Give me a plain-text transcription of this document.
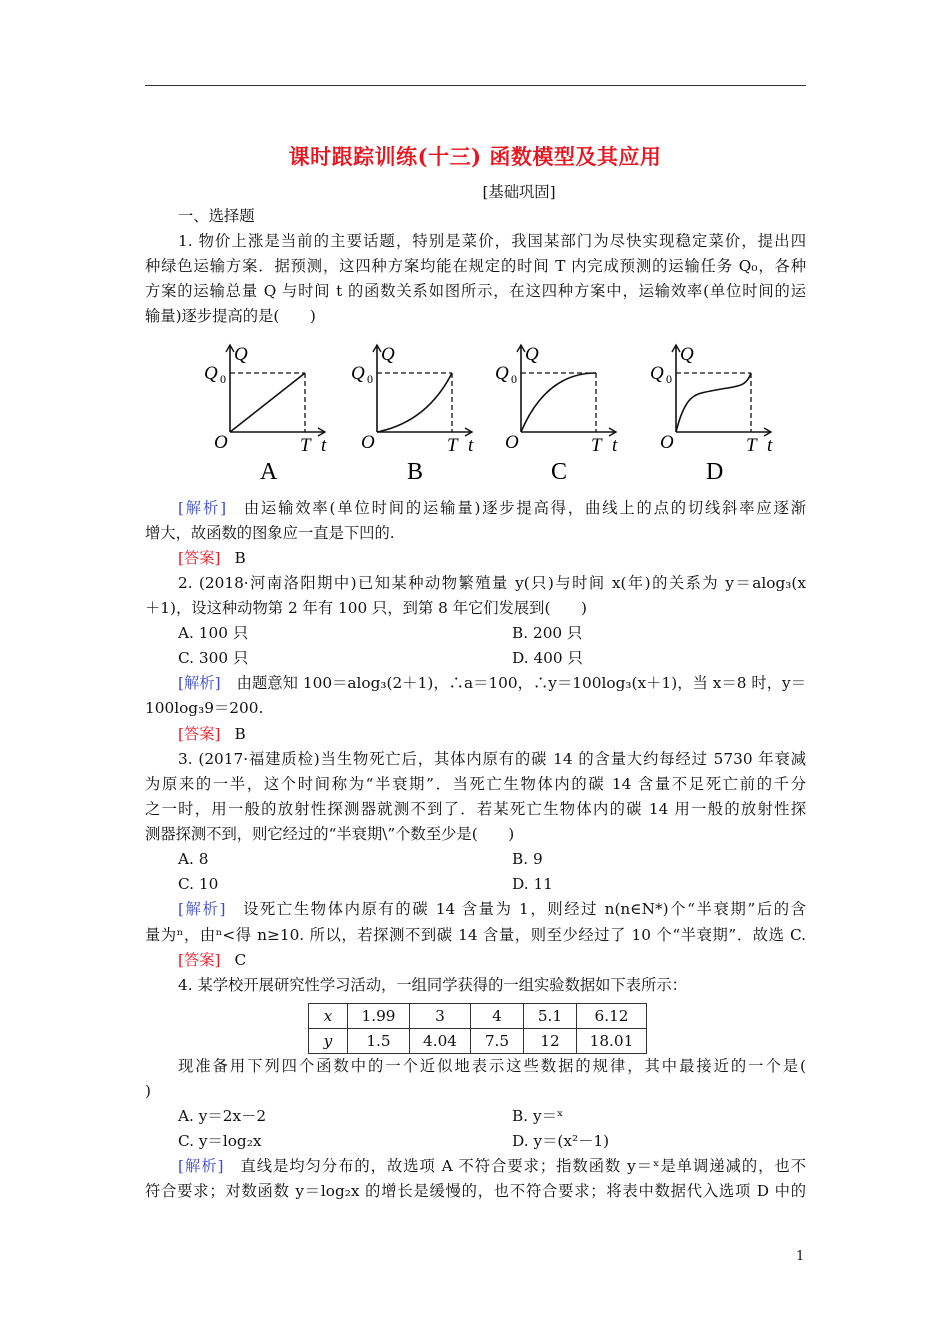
课时跟踪训练(十三) 函数模型及其应用
[基础巩固]
一、选择题
1. 物价上涨是当前的主要话题，特别是菜价，我国某部门为尽快实现稳定菜价，提出四
种绿色运输方案．据预测，这四种方案均能在规定的时间 T 内完成预测的运输任务 Q₀，各种
方案的运输总量 Q 与时间 t 的函数关系如图所示，在这四种方案中，运输效率(单位时间的运
输量)逐步提高的是(　　)
[解析] 由运输效率(单位时间的运输量)逐步提高得，曲线上的点的切线斜率应逐渐
增大，故函数的图象应一直是下凹的.
[答案] B
2. (2018·河南洛阳期中)已知某种动物繁殖量 y(只)与时间 x(年)的关系为 y＝alog₃(x
＋1)，设这种动物第 2 年有 100 只，到第 8 年它们发展到(　　)
A. 100 只	B. 200 只
C. 300 只	D. 400 只
[解析] 由题意知 100＝alog₃(2＋1)，∴a＝100，∴y＝100log₃(x＋1)，当 x＝8 时，y＝
100log₃9＝200.
[答案] B
3. (2017·福建质检)当生物死亡后，其体内原有的碳 14 的含量大约每经过 5730 年衰减
为原来的一半，这个时间称为“半衰期”．当死亡生物体内的碳 14 含量不足死亡前的千分
之一时，用一般的放射性探测器就测不到了．若某死亡生物体内的碳 14 用一般的放射性探
测器探测不到，则它经过的“半衰期\”个数至少是(　　)
A. 8	B. 9
C. 10	D. 11
[解析] 设死亡生物体内原有的碳 14 含量为 1，则经过 n(n∈N*)个“半衰期”后的含
量为ⁿ，由ⁿ<得 n≥10. 所以，若探测不到碳 14 含量，则至少经过了 10 个“半衰期”．故选 C.
[答案] C
4. 某学校开展研究性学习活动，一组同学获得的一组实验数据如下表所示：
现准备用下列四个函数中的一个近似地表示这些数据的规律，其中最接近的一个是(
)
A. y＝2x－2	B. y＝ˣ
C. y＝log₂x	D. y＝(x²－1)
[解析] 直线是均匀分布的，故选项 A 不符合要求；指数函数 y＝ˣ是单调递减的，也不
符合要求；对数函数 y＝log₂x 的增长是缓慢的，也不符合要求；将表中数据代入选项 D 中的
Q
Q 0
O	T t
A
Q
Q 0
O	T t
B
Q
Q 0
O	T t
C
Q
Q 0
O	T t
D
x	1.99	3	4	5.1	6.12
y	1.5	4.04	7.5	12	18.01
1
